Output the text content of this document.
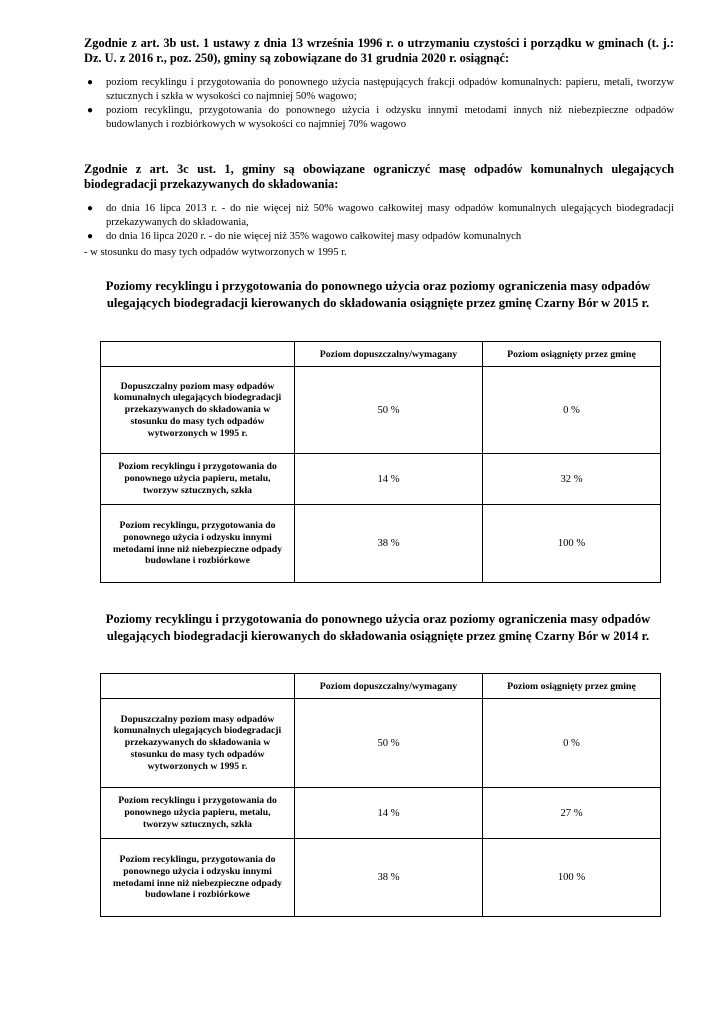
Zgodnie z art. 3b ust. 1 ustawy z dnia 13 września 1996 r. o utrzymaniu czystości i porządku w gminach (t. j.: Dz. U. z 2016 r., poz. 250), gminy są zobowiązane do 31 grudnia 2020 r. osiągnąć:

● poziom recyklingu i przygotowania do ponownego użycia następujących frakcji odpadów komunalnych: papieru, metali, tworzyw sztucznych i szkła w wysokości co najmniej 50% wagowo;
● poziom recyklingu, przygotowania do ponownego użycia i odzysku innymi metodami innych niż niebezpieczne odpadów budowlanych i rozbiórkowych w wysokości co najmniej 70% wagowo

Zgodnie z art. 3c ust. 1, gminy są obowiązane ograniczyć masę odpadów komunalnych ulegających biodegradacji przekazywanych do składowania:

● do dnia 16 lipca 2013 r. - do nie więcej niż 50% wagowo całkowitej masy odpadów komunalnych ulegających biodegradacji przekazywanych do składowania,
● do dnia 16 lipca 2020 r. - do nie więcej niż 35% wagowo całkowitej masy odpadów komunalnych
- w stosunku do masy tych odpadów wytworzonych w 1995 r.

Poziomy recyklingu i przygotowania do ponownego użycia oraz poziomy ograniczenia masy odpadów ulegających biodegradacji kierowanych do składowania osiągnięte przez gminę Czarny Bór w 2015 r.

	Poziom dopuszczalny/wymagany	Poziom osiągnięty przez gminę
Dopuszczalny poziom masy odpadów komunalnych ulegających biodegradacji przekazywanych do składowania w stosunku do masy tych odpadów wytworzonych w 1995 r.	50 %	0 %
Poziom recyklingu i przygotowania do ponownego użycia papieru, metalu, tworzyw sztucznych, szkła	14 %	32 %
Poziom recyklingu, przygotowania do ponownego użycia i odzysku innymi metodami inne niż niebezpieczne odpady budowlane i rozbiórkowe	38 %	100 %

Poziomy recyklingu i przygotowania do ponownego użycia oraz poziomy ograniczenia masy odpadów ulegających biodegradacji kierowanych do składowania osiągnięte przez gminę Czarny Bór w 2014 r.

	Poziom dopuszczalny/wymagany	Poziom osiągnięty przez gminę
Dopuszczalny poziom masy odpadów komunalnych ulegających biodegradacji przekazywanych do składowania w stosunku do masy tych odpadów wytworzonych w 1995 r.	50 %	0 %
Poziom recyklingu i przygotowania do ponownego użycia papieru, metalu, tworzyw sztucznych, szkła	14 %	27 %
Poziom recyklingu, przygotowania do ponownego użycia i odzysku innymi metodami inne niż niebezpieczne odpady budowlane i rozbiórkowe	38 %	100 %
